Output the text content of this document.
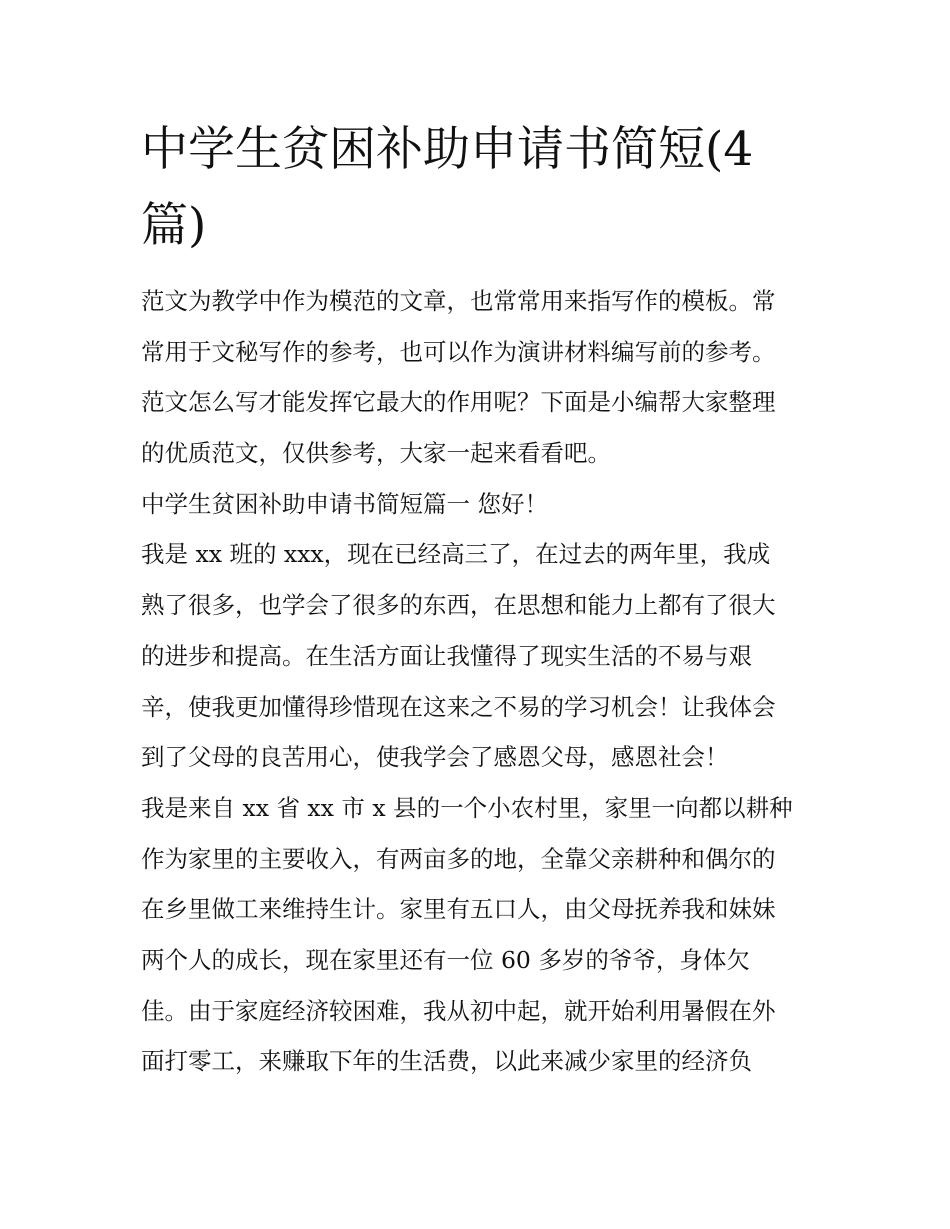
中学生贫困补助申请书简短(4
篇)
范文为教学中作为模范的文章，也常常用来指写作的模板。常
常用于文秘写作的参考，也可以作为演讲材料编写前的参考。
范文怎么写才能发挥它最大的作用呢？下面是小编帮大家整理
的优质范文，仅供参考，大家一起来看看吧。
中学生贫困补助申请书简短篇一 您好！
我是 xx 班的 xxx，现在已经高三了，在过去的两年里，我成
熟了很多，也学会了很多的东西，在思想和能力上都有了很大
的进步和提高。在生活方面让我懂得了现实生活的不易与艰
辛，使我更加懂得珍惜现在这来之不易的学习机会！让我体会
到了父母的良苦用心，使我学会了感恩父母，感恩社会！
我是来自 xx 省 xx 市 x 县的一个小农村里，家里一向都以耕种
作为家里的主要收入，有两亩多的地，全靠父亲耕种和偶尔的
在乡里做工来维持生计。家里有五口人，由父母抚养我和妹妹
两个人的成长，现在家里还有一位 60 多岁的爷爷，身体欠
佳。由于家庭经济较困难，我从初中起，就开始利用暑假在外
面打零工，来赚取下年的生活费，以此来减少家里的经济负
